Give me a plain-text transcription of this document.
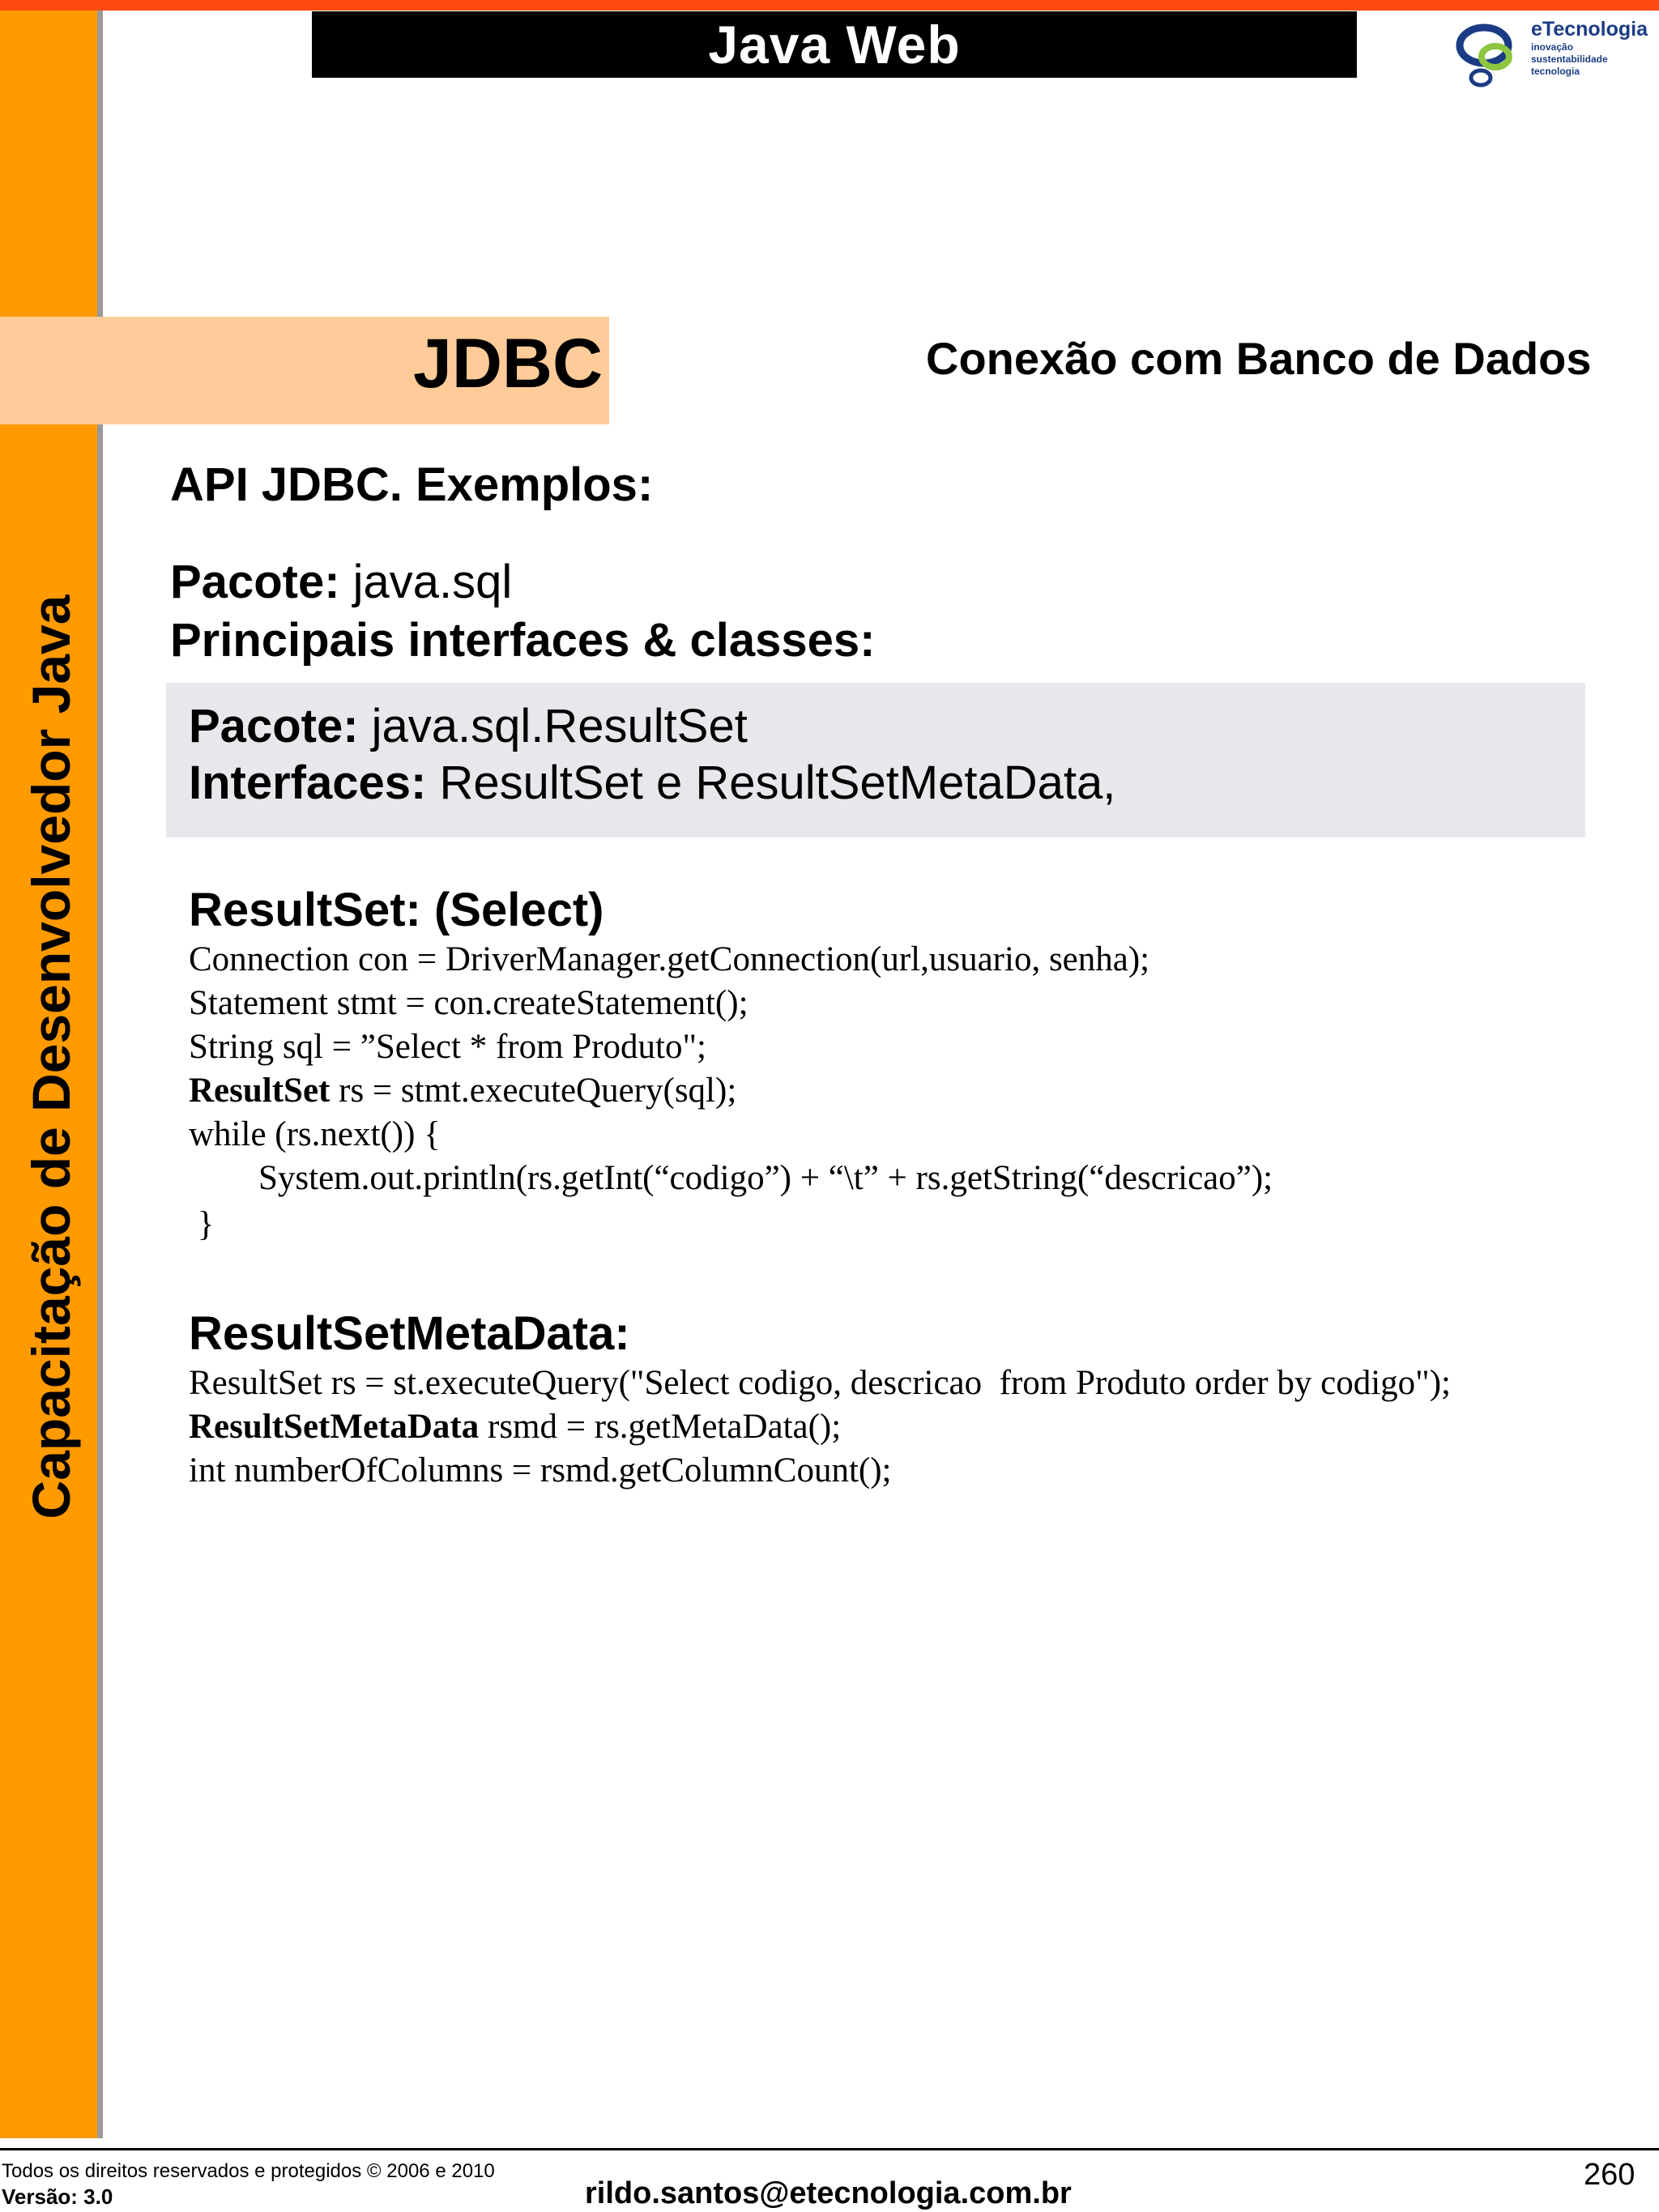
Java Web	eTecnologia
inovação
sustentabilidade
tecnologia
Capacitação de Desenvolvedor Java
JDBC	Conexão com Banco de Dados
API JDBC. Exemplos:
Pacote: java.sql
Principais interfaces & classes:
Pacote: java.sql.ResultSet
Interfaces: ResultSet e ResultSetMetaData,
ResultSet: (Select)
Connection con = DriverManager.getConnection(url,usuario, senha);
Statement stmt = con.createStatement();
String sql = ”Select * from Produto";
ResultSet rs = stmt.executeQuery(sql);
while (rs.next()) {
System.out.println(rs.getInt(“codigo”) + “\t” + rs.getString(“descricao”);
}
ResultSetMetaData:
ResultSet rs = st.executeQuery("Select codigo, descricao  from Produto order by codigo");
ResultSetMetaData rsmd = rs.getMetaData();
int numberOfColumns = rsmd.getColumnCount();
Todos os direitos reservados e protegidos © 2006 e 2010
Versão: 3.0	rildo.santos@etecnologia.com.br
260
